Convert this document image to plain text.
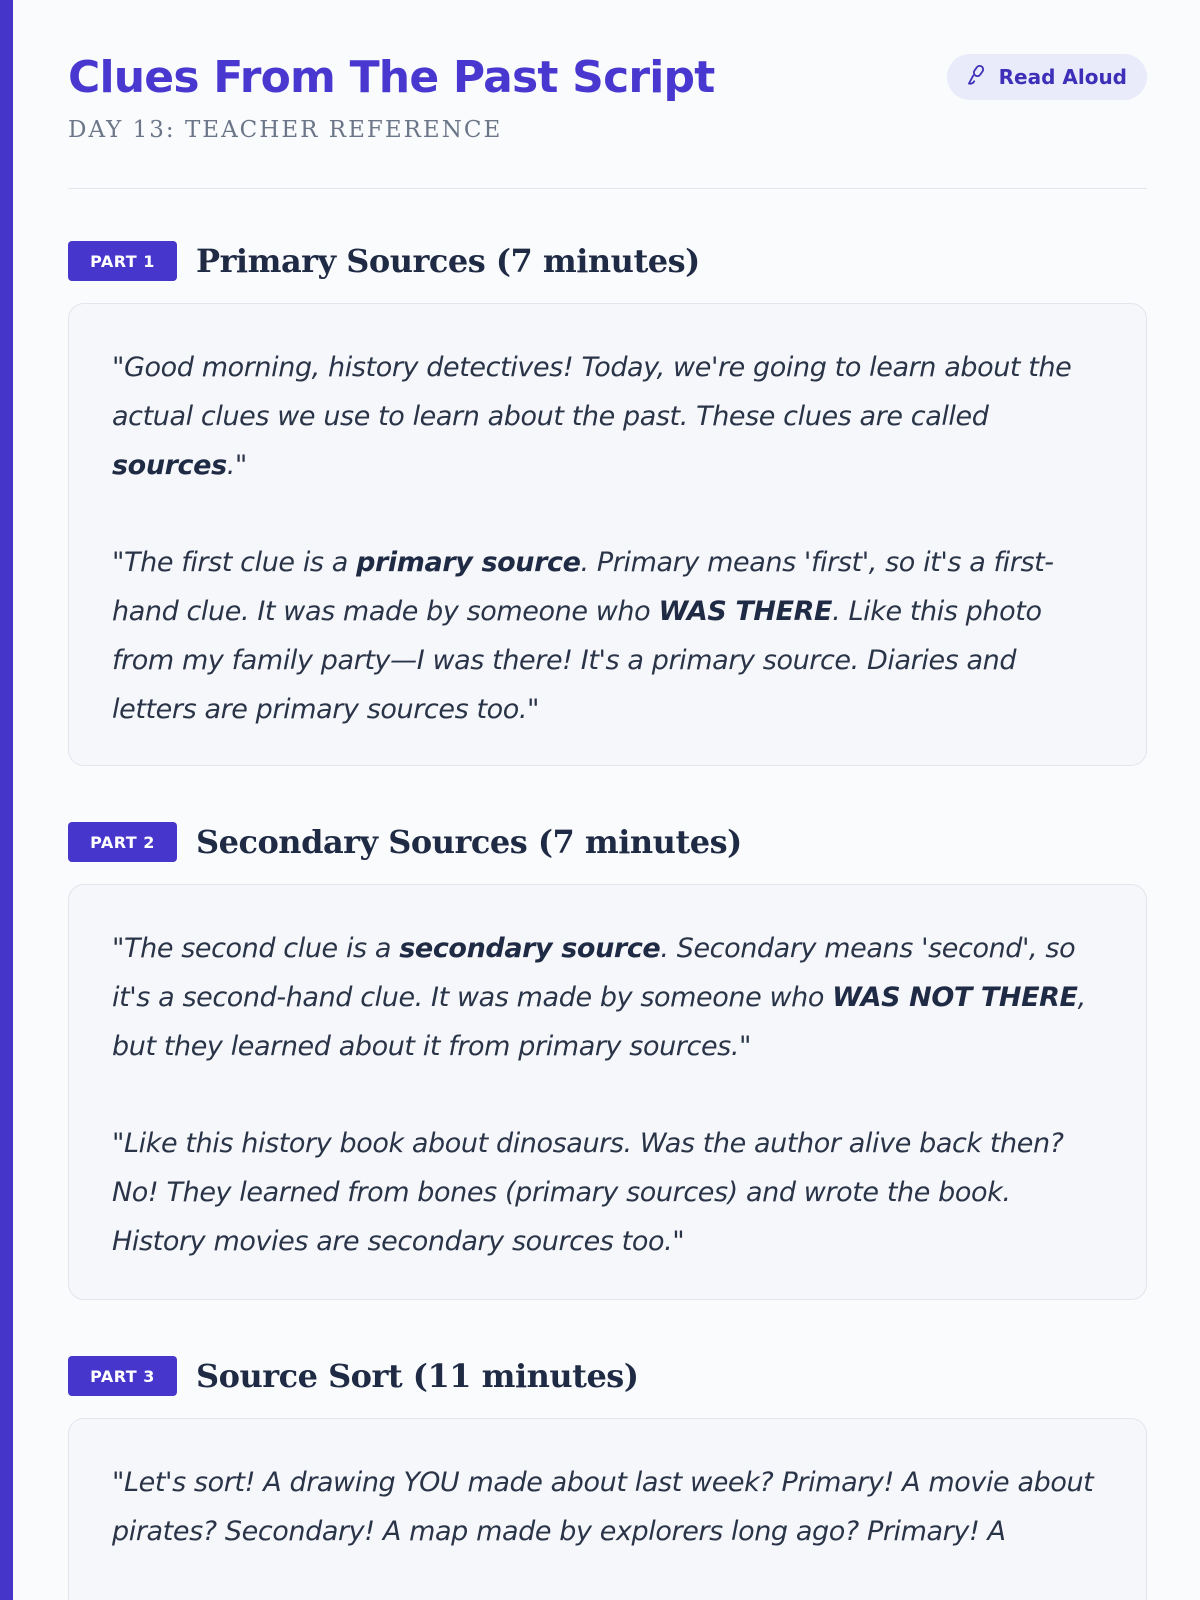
Clues From The Past Script
DAY 13: TEACHER REFERENCE
Read Aloud
PART 1	Primary Sources (7 minutes)

"Good morning, history detectives! Today, we're going to learn about the actual clues we use to learn about the past. These clues are called sources."

"The first clue is a primary source. Primary means 'first', so it's a first-hand clue. It was made by someone who WAS THERE. Like this photo from my family party—I was there! It's a primary source. Diaries and letters are primary sources too."

PART 2	Secondary Sources (7 minutes)

"The second clue is a secondary source. Secondary means 'second', so it's a second-hand clue. It was made by someone who WAS NOT THERE, but they learned about it from primary sources."

"Like this history book about dinosaurs. Was the author alive back then? No! They learned from bones (primary sources) and wrote the book. History movies are secondary sources too."

PART 3	Source Sort (11 minutes)

"Let's sort! A drawing YOU made about last week? Primary! A movie about pirates? Secondary! A map made by explorers long ago? Primary! A
